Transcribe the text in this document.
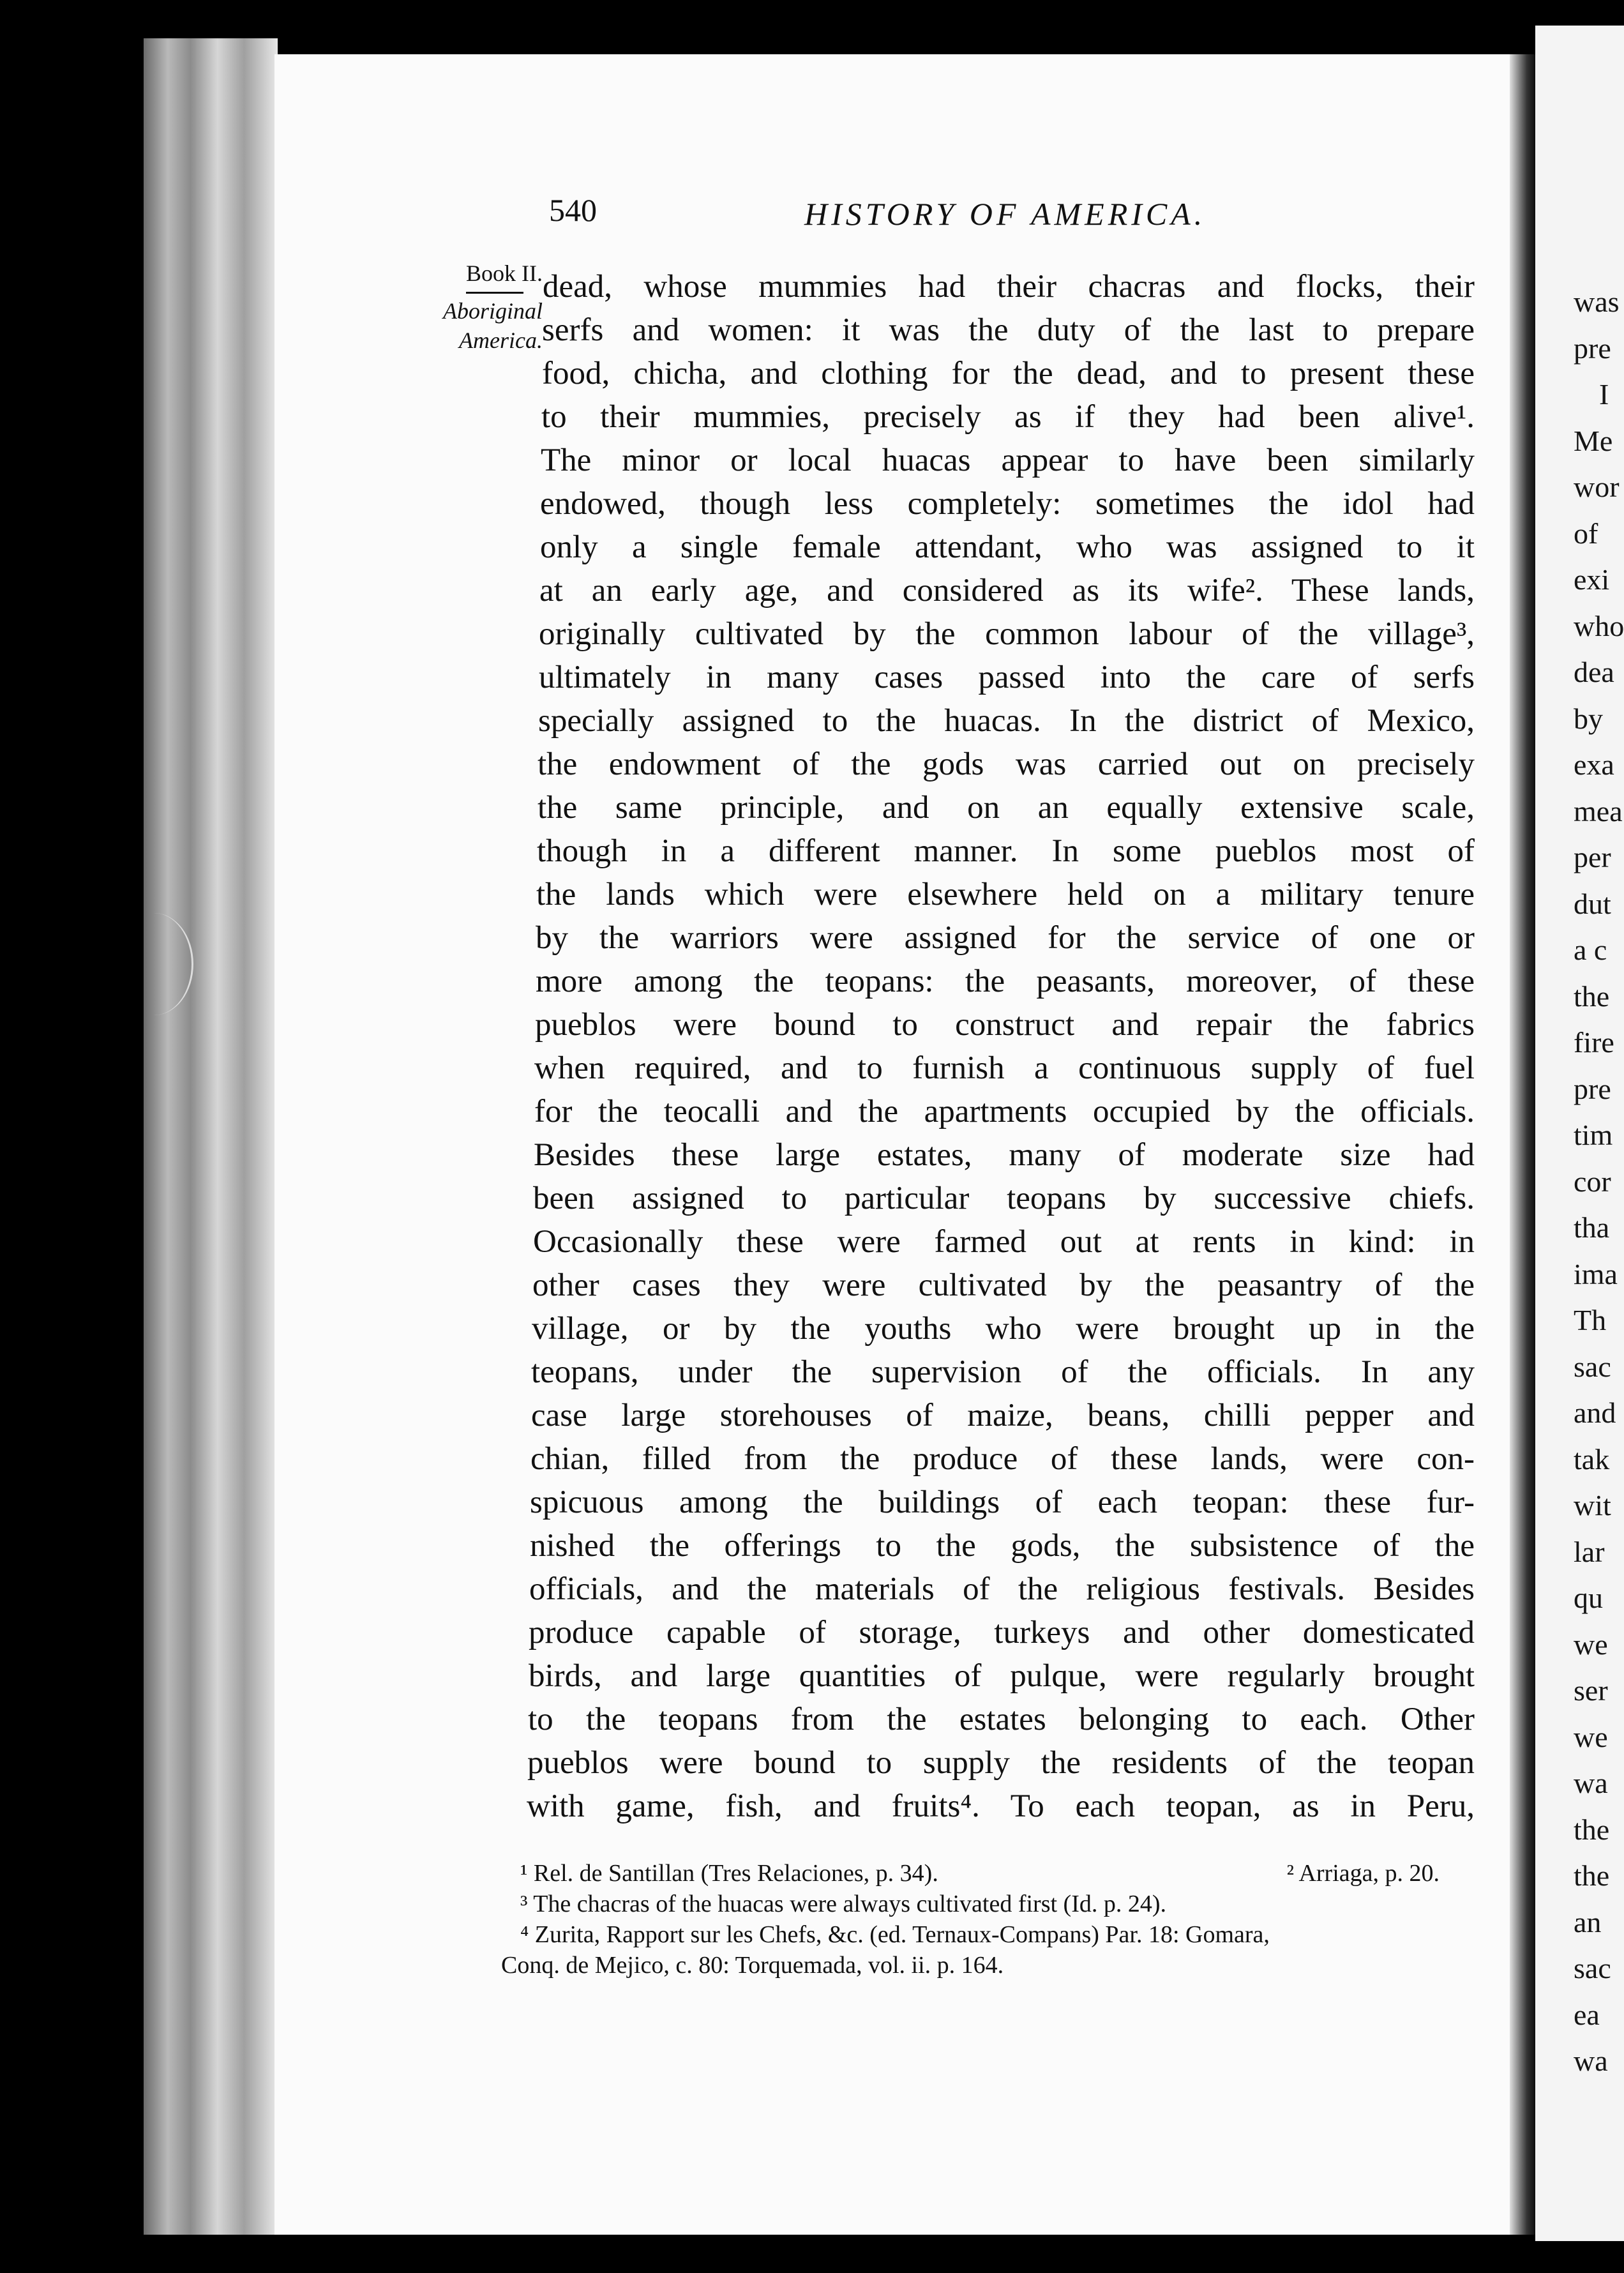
was
pre
I
Me
wor
of
exi
who
dea
by
exa
mea
per
dut
a c
the
fire
pre
tim
cor
tha
ima
Th
sac
and
tak
wit
lar
qu
we
ser
we
wa
the
the
an
sac
ea
wa
540	HISTORY OF AMERICA.
Book II.
Aboriginal
America.
dead, whose mummies had their chacras and flocks, their
serfs and women: it was the duty of the last to prepare
food, chicha, and clothing for the dead, and to present these
to their mummies, precisely as if they had been alive¹.
The minor or local huacas appear to have been similarly
endowed, though less completely: sometimes the idol had
only a single female attendant, who was assigned to it
at an early age, and considered as its wife². These lands,
originally cultivated by the common labour of the village³,
ultimately in many cases passed into the care of serfs
specially assigned to the huacas. In the district of Mexico,
the endowment of the gods was carried out on precisely
the same principle, and on an equally extensive scale,
though in a different manner. In some pueblos most of
the lands which were elsewhere held on a military tenure
by the warriors were assigned for the service of one or
more among the teopans: the peasants, moreover, of these
pueblos were bound to construct and repair the fabrics
when required, and to furnish a continuous supply of fuel
for the teocalli and the apartments occupied by the officials.
Besides these large estates, many of moderate size had
been assigned to particular teopans by successive chiefs.
Occasionally these were farmed out at rents in kind: in
other cases they were cultivated by the peasantry of the
village, or by the youths who were brought up in the
teopans, under the supervision of the officials. In any
case large storehouses of maize, beans, chilli pepper and
chian, filled from the produce of these lands, were con-
spicuous among the buildings of each teopan: these fur-
nished the offerings to the gods, the subsistence of the
officials, and the materials of the religious festivals. Besides
produce capable of storage, turkeys and other domesticated
birds, and large quantities of pulque, were regularly brought
to the teopans from the estates belonging to each. Other
pueblos were bound to supply the residents of the teopan
with game, fish, and fruits⁴. To each teopan, as in Peru,
¹ Rel. de Santillan (Tres Relaciones, p. 34).	² Arriaga, p. 20.
³ The chacras of the huacas were always cultivated first (Id. p. 24).
⁴ Zurita, Rapport sur les Chefs, &c. (ed. Ternaux-Compans) Par. 18: Gomara,
Conq. de Mejico, c. 80: Torquemada, vol. ii. p. 164.
